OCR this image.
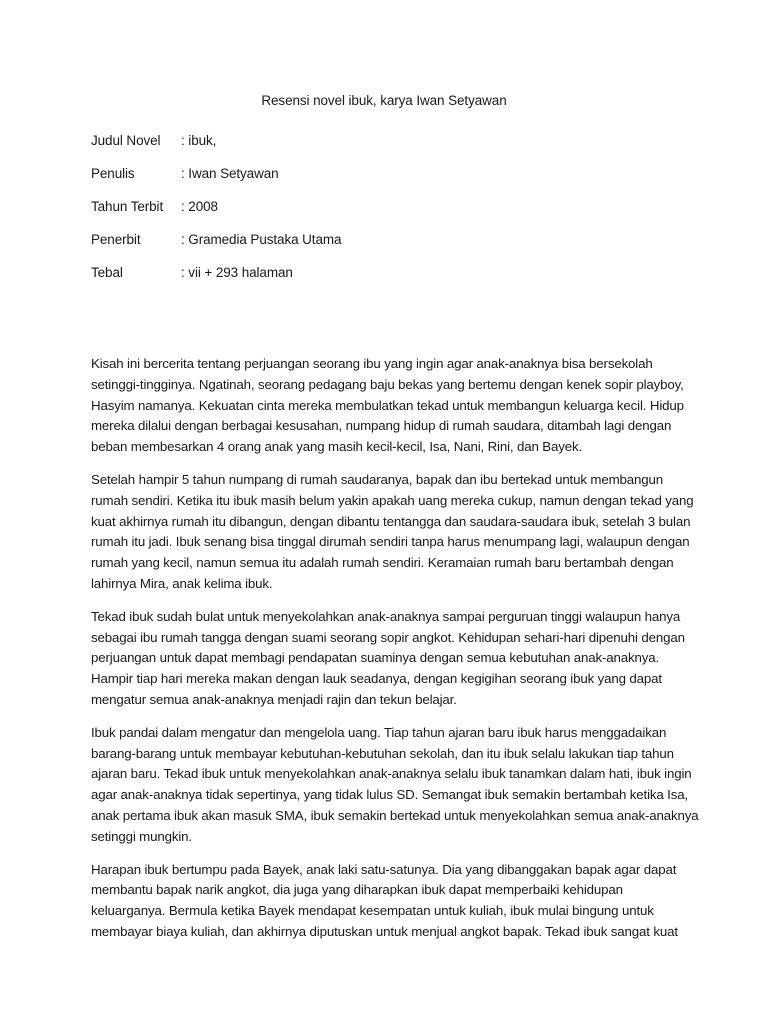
Resensi novel ibuk, karya Iwan Setyawan
Judul Novel	: ibuk,
Penulis	: Iwan Setyawan
Tahun Terbit	: 2008
Penerbit	: Gramedia Pustaka Utama
Tebal	: vii + 293 halaman

Kisah ini bercerita tentang perjuangan seorang ibu yang ingin agar anak-anaknya bisa bersekolah
setinggi-tingginya. Ngatinah, seorang pedagang baju bekas yang bertemu dengan kenek sopir playboy,
Hasyim namanya. Kekuatan cinta mereka membulatkan tekad untuk membangun keluarga kecil. Hidup
mereka dilalui dengan berbagai kesusahan, numpang hidup di rumah saudara, ditambah lagi dengan
beban membesarkan 4 orang anak yang masih kecil-kecil, Isa, Nani, Rini, dan Bayek.

Setelah hampir 5 tahun numpang di rumah saudaranya, bapak dan ibu bertekad untuk membangun
rumah sendiri. Ketika itu ibuk masih belum yakin apakah uang mereka cukup, namun dengan tekad yang
kuat akhirnya rumah itu dibangun, dengan dibantu tentangga dan saudara-saudara ibuk, setelah 3 bulan
rumah itu jadi. Ibuk senang bisa tinggal dirumah sendiri tanpa harus menumpang lagi, walaupun dengan
rumah yang kecil, namun semua itu adalah rumah sendiri. Keramaian rumah baru bertambah dengan
lahirnya Mira, anak kelima ibuk.

Tekad ibuk sudah bulat untuk menyekolahkan anak-anaknya sampai perguruan tinggi walaupun hanya
sebagai ibu rumah tangga dengan suami seorang sopir angkot. Kehidupan sehari-hari dipenuhi dengan
perjuangan untuk dapat membagi pendapatan suaminya dengan semua kebutuhan anak-anaknya.
Hampir tiap hari mereka makan dengan lauk seadanya, dengan kegigihan seorang ibuk yang dapat
mengatur semua anak-anaknya menjadi rajin dan tekun belajar.

Ibuk pandai dalam mengatur dan mengelola uang. Tiap tahun ajaran baru ibuk harus menggadaikan
barang-barang untuk membayar kebutuhan-kebutuhan sekolah, dan itu ibuk selalu lakukan tiap tahun
ajaran baru. Tekad ibuk untuk menyekolahkan anak-anaknya selalu ibuk tanamkan dalam hati, ibuk ingin
agar anak-anaknya tidak sepertinya, yang tidak lulus SD. Semangat ibuk semakin bertambah ketika Isa,
anak pertama ibuk akan masuk SMA, ibuk semakin bertekad untuk menyekolahkan semua anak-anaknya
setinggi mungkin.

Harapan ibuk bertumpu pada Bayek, anak laki satu-satunya. Dia yang dibanggakan bapak agar dapat
membantu bapak narik angkot, dia juga yang diharapkan ibuk dapat memperbaiki kehidupan
keluarganya. Bermula ketika Bayek mendapat kesempatan untuk kuliah, ibuk mulai bingung untuk
membayar biaya kuliah, dan akhirnya diputuskan untuk menjual angkot bapak. Tekad ibuk sangat kuat
